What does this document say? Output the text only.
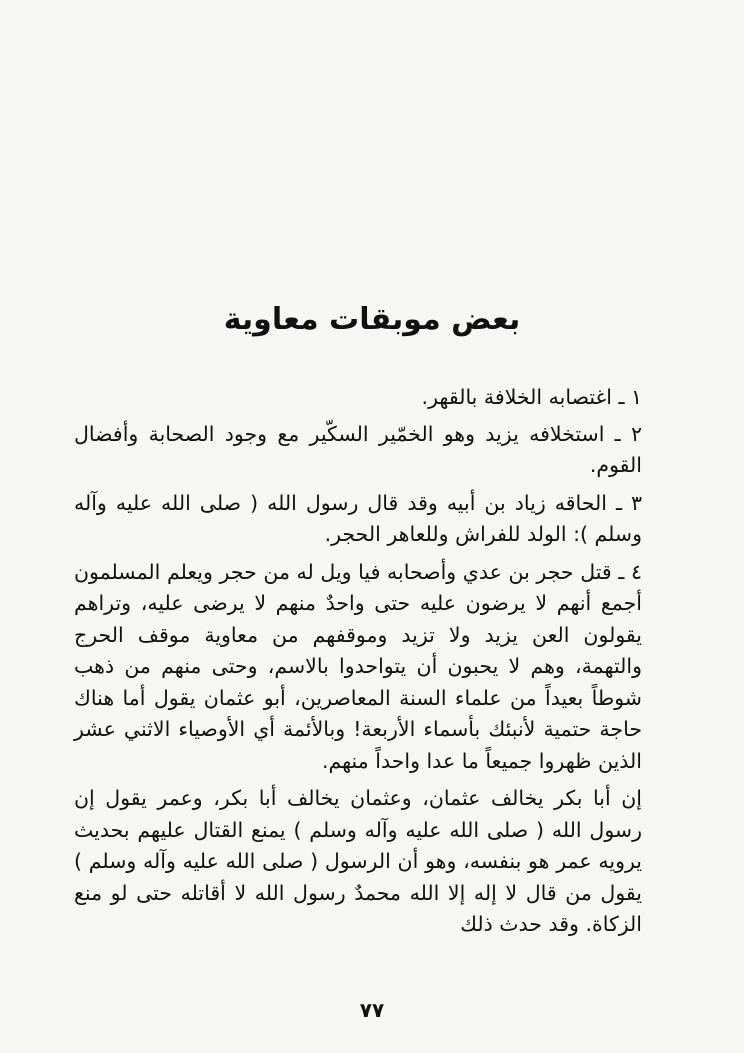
بعض موبقات معاوية

١ ـ اغتصابه الخلافة بالقهر.

٢ ـ استخلافه يزيد وهو الخمّير السكّير مع وجود الصحابة وأفضال القوم.

٣ ـ الحاقه زياد بن أبيه وقد قال رسول الله ( صلى الله عليه وآله وسلم ): الولد للفراش وللعاهر الحجر.

٤ ـ قتل حجر بن عدي وأصحابه فيا ويل له من حجر ويعلم المسلمون أجمع أنهم لا يرضون عليه حتى واحدٌ منهم لا يرضى عليه، وتراهم يقولون العن يزيد ولا تزيد وموقفهم من معاوية موقف الحرج والتهمة، وهم لا يحبون أن يتواحدوا بالاسم، وحتى منهم من ذهب شوطاً بعيداً من علماء السنة المعاصرين، أبو عثمان يقول أما هناك حاجة حتمية لأنبئك بأسماء الأربعة! وبالأئمة أي الأوصياء الاثني عشر الذين ظهروا جميعاً ما عدا واحداً منهم.

إن أبا بكر يخالف عثمان، وعثمان يخالف أبا بكر، وعمر يقول إن رسول الله ( صلى الله عليه وآله وسلم ) يمنع القتال عليهم بحديث يرويه عمر هو بنفسه، وهو أن الرسول ( صلى الله عليه وآله وسلم ) يقول من قال لا إله إلا الله محمدٌ رسول الله لا أقاتله حتى لو منع الزكاة. وقد حدث ذلك

٧٧
